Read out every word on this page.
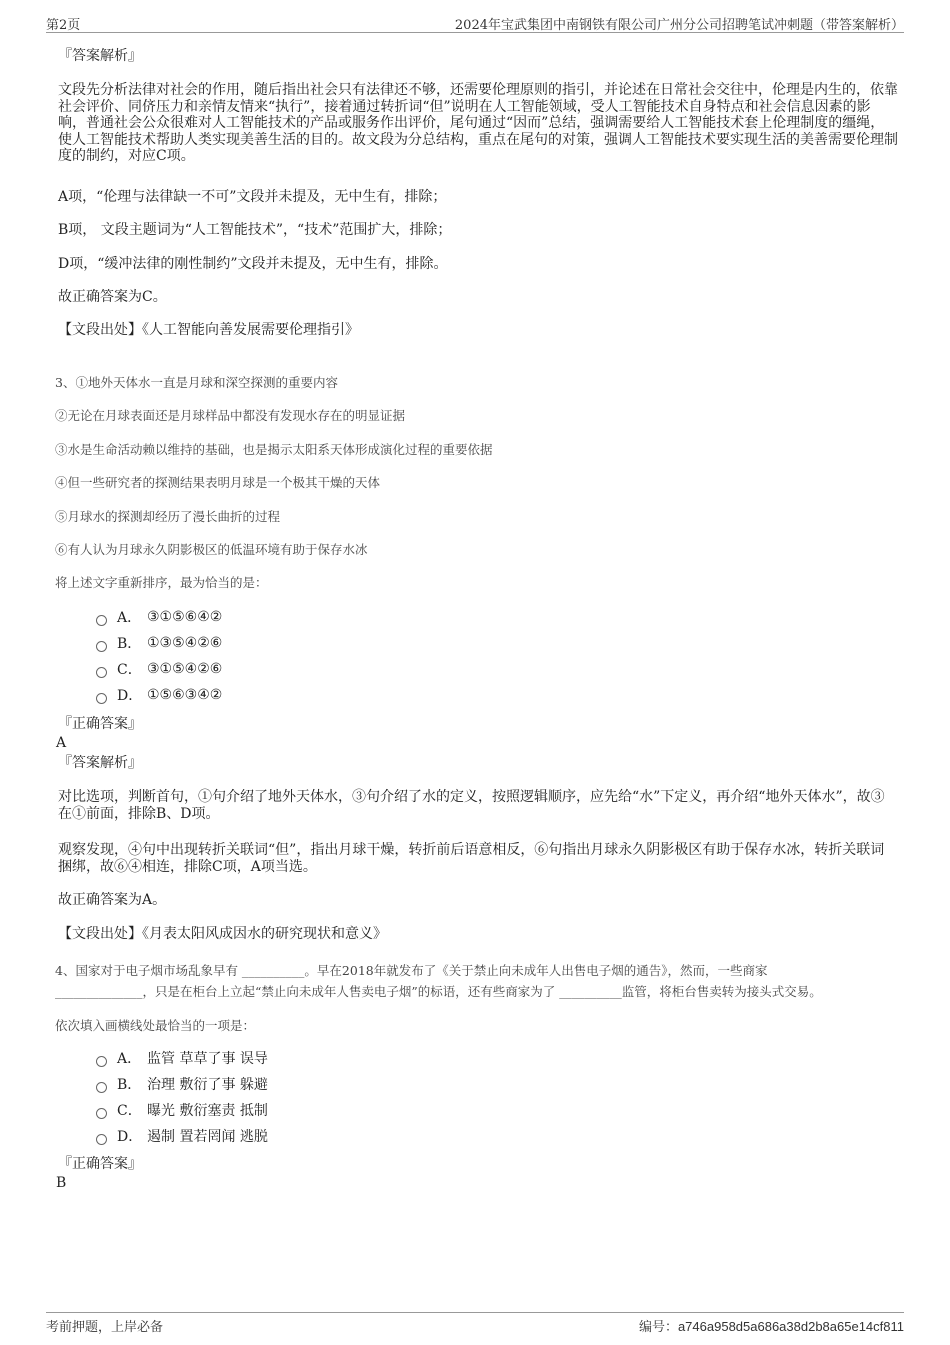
第2页	2024年宝武集团中南钢铁有限公司广州分公司招聘笔试冲刺题（带答案解析）
『答案解析』
文段先分析法律对社会的作用，随后指出社会只有法律还不够，还需要伦理原则的指引，并论述在日常社会交往中，伦理是内生的，依靠社会评价、同侪压力和亲情友情来“执行”，接着通过转折词“但”说明在人工智能领域，受人工智能技术自身特点和社会信息因素的影响，普通社会公众很难对人工智能技术的产品或服务作出评价，尾句通过“因而”总结，强调需要给人工智能技术套上伦理制度的缰绳，使人工智能技术帮助人类实现美善生活的目的。故文段为分总结构，重点在尾句的对策，强调人工智能技术要实现生活的美善需要伦理制度的制约，对应C项。
A项，“伦理与法律缺一不可”文段并未提及，无中生有，排除；
B项， 文段主题词为“人工智能技术”，“技术”范围扩大，排除；
D项，“缓冲法律的刚性制约”文段并未提及，无中生有，排除。
故正确答案为C。
【文段出处】《人工智能向善发展需要伦理指引》
3、①地外天体水一直是月球和深空探测的重要内容
②无论在月球表面还是月球样品中都没有发现水存在的明显证据
③水是生命活动赖以维持的基础，也是揭示太阳系天体形成演化过程的重要依据
④但一些研究者的探测结果表明月球是一个极其干燥的天体
⑤月球水的探测却经历了漫长曲折的过程
⑥有人认为月球永久阴影极区的低温环境有助于保存水冰
将上述文字重新排序，最为恰当的是：
A． ③①⑤⑥④②
B． ①③⑤④②⑥
C． ③①⑤④②⑥
D． ①⑤⑥③④②
『正确答案』
A
『答案解析』
对比选项，判断首句，①句介绍了地外天体水，③句介绍了水的定义，按照逻辑顺序，应先给“水”下定义，再介绍“地外天体水”，故③在①前面，排除B、D项。
观察发现，④句中出现转折关联词“但”，指出月球干燥，转折前后语意相反，⑥句指出月球永久阴影极区有助于保存水冰，转折关联词捆绑，故⑥④相连，排除C项，A项当选。
故正确答案为A。
【文段出处】《月表太阳风成因水的研究现状和意义》
4、国家对于电子烟市场乱象早有 __________。早在2018年就发布了《关于禁止向未成年人出售电子烟的通告》，然而，一些商家
______________，只是在柜台上立起“禁止向未成年人售卖电子烟”的标语，还有些商家为了 __________监管，将柜台售卖转为接头式交易。
依次填入画横线处最恰当的一项是：
A． 监管 草草了事 误导
B． 治理 敷衍了事 躲避
C． 曝光 敷衍塞责 抵制
D． 遏制 置若罔闻 逃脱
『正确答案』
B
考前押题，上岸必备	编号：a746a958d5a686a38d2b8a65e14cf811
